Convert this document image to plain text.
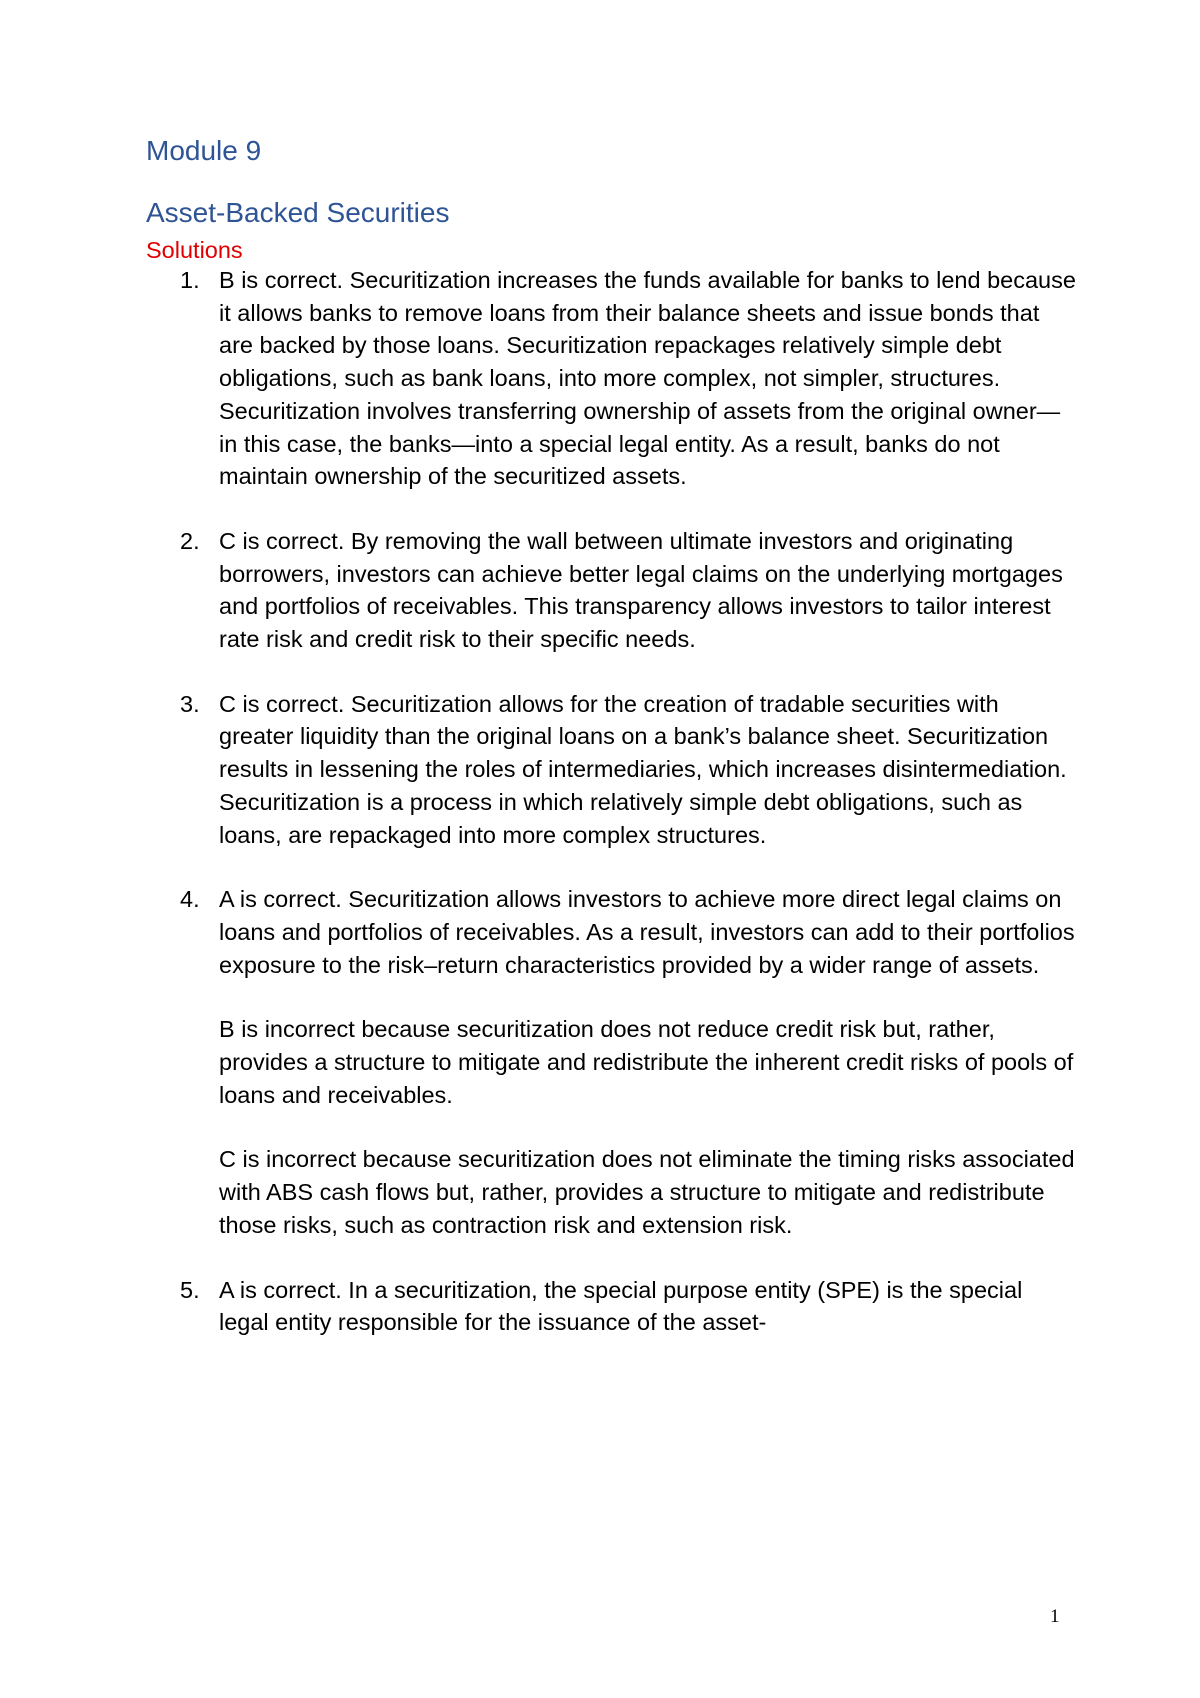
Module 9
Asset-Backed Securities
Solutions
1. B is correct. Securitization increases the funds available for banks to lend because it allows banks to remove loans from their balance sheets and issue bonds that are backed by those loans. Securitization repackages relatively simple debt obligations, such as bank loans, into more complex, not simpler, structures. Securitization involves transferring ownership of assets from the original owner—in this case, the banks—into a special legal entity. As a result, banks do not maintain ownership of the securitized assets.

2. C is correct. By removing the wall between ultimate investors and originating borrowers, investors can achieve better legal claims on the underlying mortgages and portfolios of receivables. This transparency allows investors to tailor interest rate risk and credit risk to their specific needs.

3. C is correct. Securitization allows for the creation of tradable securities with greater liquidity than the original loans on a bank’s balance sheet. Securitization results in lessening the roles of intermediaries, which increases disintermediation. Securitization is a process in which relatively simple debt obligations, such as loans, are repackaged into more complex structures.

4. A is correct. Securitization allows investors to achieve more direct legal claims on loans and portfolios of receivables. As a result, investors can add to their portfolios exposure to the risk–return characteristics provided by a wider range of assets.

B is incorrect because securitization does not reduce credit risk but, rather, provides a structure to mitigate and redistribute the inherent credit risks of pools of loans and receivables.

C is incorrect because securitization does not eliminate the timing risks associated with ABS cash flows but, rather, provides a structure to mitigate and redistribute those risks, such as contraction risk and extension risk.

5. A is correct. In a securitization, the special purpose entity (SPE) is the special legal entity responsible for the issuance of the asset-

1
